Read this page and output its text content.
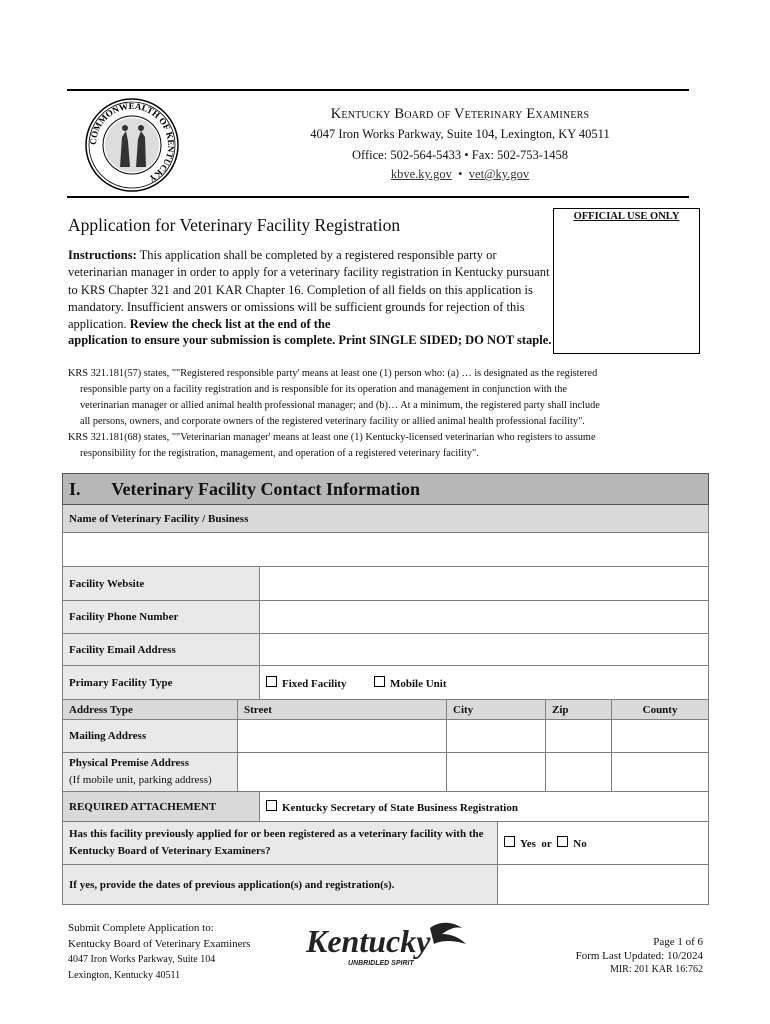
COMMONWEALTH OF KENTUCKY
Kentucky Board of Veterinary Examiners
4047 Iron Works Parkway, Suite 104, Lexington, KY 40511
Office: 502-564-5433 • Fax: 502-753-1458
kbve.ky.gov • vet@ky.gov
OFFICIAL USE ONLY
Application for Veterinary Facility Registration
Instructions: This application shall be completed by a registered responsible party or veterinarian manager in order to apply for a veterinary facility registration in Kentucky pursuant to KRS Chapter 321 and 201 KAR Chapter 16. Completion of all fields on this application is mandatory. Insufficient answers or omissions will be sufficient grounds for rejection of this application. Review the check list at the end of the
application to ensure your submission is complete. Print SINGLE SIDED; DO NOT staple.
KRS 321.181(57) states, ""Registered responsible party' means at least one (1) person who: (a) … is designated as the registered
responsible party on a facility registration and is responsible for its operation and management in conjunction with the
veterinarian manager or allied animal health professional manager; and (b)… At a minimum, the registered party shall include
all persons, owners, and corporate owners of the registered veterinary facility or allied animal health professional facility".
KRS 321.181(68) states, ""Veterinarian manager' means at least one (1) Kentucky-licensed veterinarian who registers to assume
responsibility for the registration, management, and operation of a registered veterinary facility".
I. Veterinary Facility Contact Information						
Name of Veterinary Facility / Business						

Facility Website						
Facility Phone Number						
Facility Email Address						
Primary Facility Type		Fixed Facility Mobile Unit				
Address Type	Street		City		Zip	County
Mailing Address						
Physical Premise Address
(If mobile unit, parking address)						
REQUIRED ATTACHEMENT		Kentucky Secretary of State Business Registration				
Has this facility previously applied for or been registered as a veterinary facility with the Kentucky Board of Veterinary Examiners?				Yes or No		
If yes, provide the dates of previous application(s) and registration(s).						
Submit Complete Application to:
Kentucky Board of Veterinary Examiners
4047 Iron Works Parkway, Suite 104
Lexington, Kentucky 40511
Kentucky
UNBRIDLED SPIRIT
Page 1 of 6
Form Last Updated: 10/2024
MIR: 201 KAR 16:762
